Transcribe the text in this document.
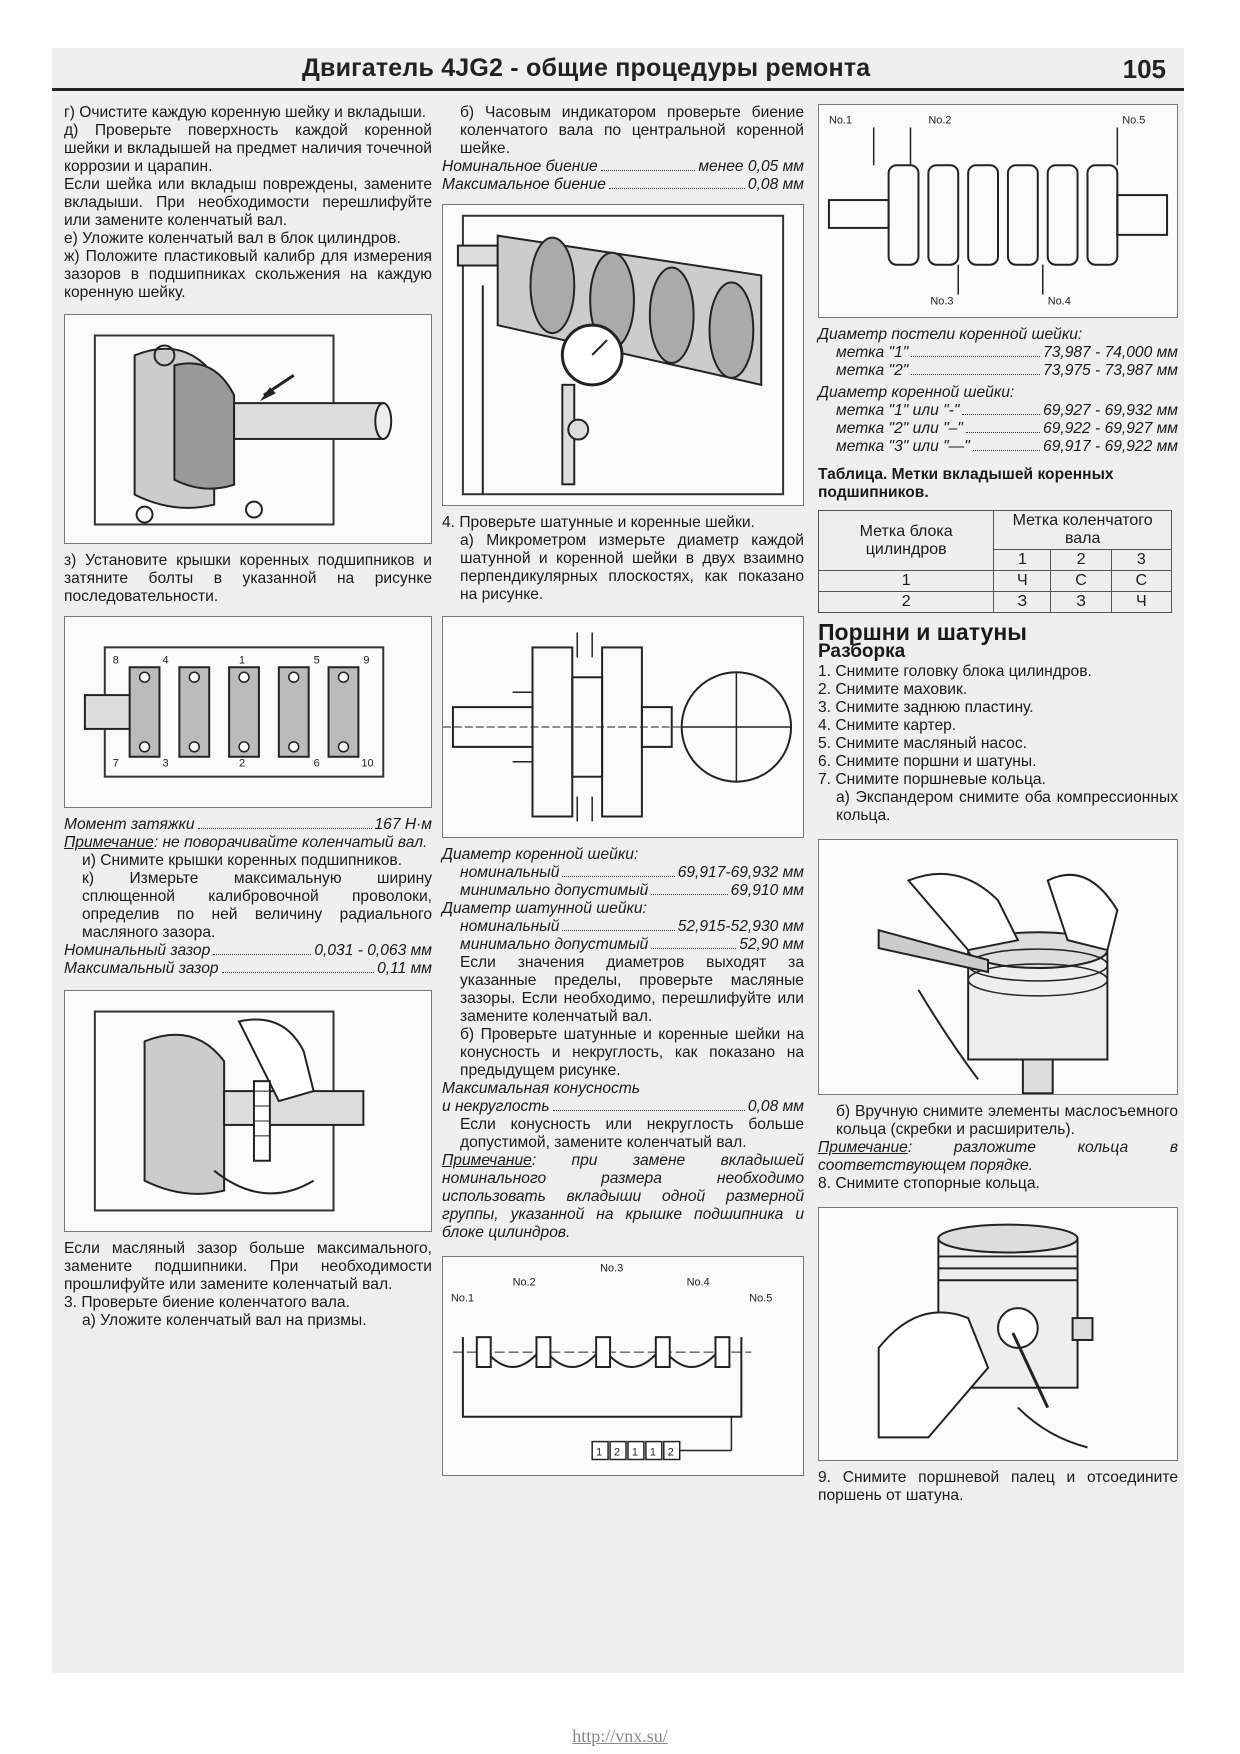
Двигатель 4JG2 - общие процедуры ремонта	105

г) Очистите каждую коренную шейку и вкладыши.

д) Проверьте поверхность каждой коренной шейки и вкладышей на предмет наличия точечной коррозии и царапин.

Если шейка или вкладыш повреждены, замените вкладыши. При необходимости перешлифуйте или замените коленчатый вал.

е) Уложите коленчатый вал в блок цилиндров.

ж) Положите пластиковый калибр для измерения зазоров в подшипниках скольжения на каждую коренную шейку.

з) Установите крышки коренных подшипников и затяните болты в указанной на рисунке последовательности.

8	4	1	5	9
7	3	2	6	10
Момент затяжки	167 Н·м

Примечание: не поворачивайте коленчатый вал.

и) Снимите крышки коренных подшипников.

к) Измерьте максимальную ширину сплющенной калибровочной проволоки, определив по ней величину радиального масляного зазора.

Номинальный зазор	0,031 - 0,063 мм
Максимальный зазор	0,11 мм

Если масляный зазор больше максимального, замените подшипники. При необходимости прошлифуйте или замените коленчатый вал.

3. Проверьте биение коленчатого вала.

а) Уложите коленчатый вал на призмы.

б) Часовым индикатором проверьте биение коленчатого вала по центральной коренной шейке.

Номинальное биение	менее 0,05 мм
Максимальное биение	0,08 мм

4. Проверьте шатунные и коренные шейки.

а) Микрометром измерьте диаметр каждой шатунной и коренной шейки в двух взаимно перпендикулярных плоскостях, как показано на рисунке.

Диаметр коренной шейки:

номинальный	69,917-69,932 мм
минимально допустимый	69,910 мм

Диаметр шатунной шейки:

номинальный	52,915-52,930 мм
минимально допустимый	52,90 мм

Если значения диаметров выходят за указанные пределы, проверьте масляные зазоры. Если необходимо, перешлифуйте или замените коленчатый вал.

б) Проверьте шатунные и коренные шейки на конусность и некруглость, как показано на предыдущем рисунке.

Максимальная конусность

и некруглость	0,08 мм

Если конусность или некруглость больше допустимой, замените коленчатый вал.

Примечание: при замене вкладышей номинального размера необходимо использовать вкладыши одной размерной группы, указанной на крышке подшипника и блоке цилиндров.

No.1
No.2
No.3
No.4
No.5
1 2 1 1 2
No.1	No.2	No.5
No.3	No.4

Диаметр постели коренной шейки:

метка "1"	73,987 - 74,000 мм
метка "2"	73,975 - 73,987 мм

Диаметр коренной шейки:

метка "1" или "-"	69,927 - 69,932 мм
метка "2" или "–"	69,922 - 69,927 мм
метка "3" или "—"	69,917 - 69,922 мм

Таблица. Метки вкладышей коренных подшипников.

Метка блока цилиндров	Метка коленчатого вала		
	1	2	3
1	Ч	С	С
2	З	З	Ч
Поршни и шатуны
Разборка

1. Снимите головку блока цилиндров.

2. Снимите маховик.

3. Снимите заднюю пластину.

4. Снимите картер.

5. Снимите масляный насос.

6. Снимите поршни и шатуны.

7. Снимите поршневые кольца.

а) Экспандером снимите оба компрессионных кольца.

б) Вручную снимите элементы маслосъемного кольца (скребки и расширитель).

Примечание: разложите кольца в соответствующем порядке.

8. Снимите стопорные кольца.

9. Снимите поршневой палец и отсоедините поршень от шатуна.

http://vnx.su/
